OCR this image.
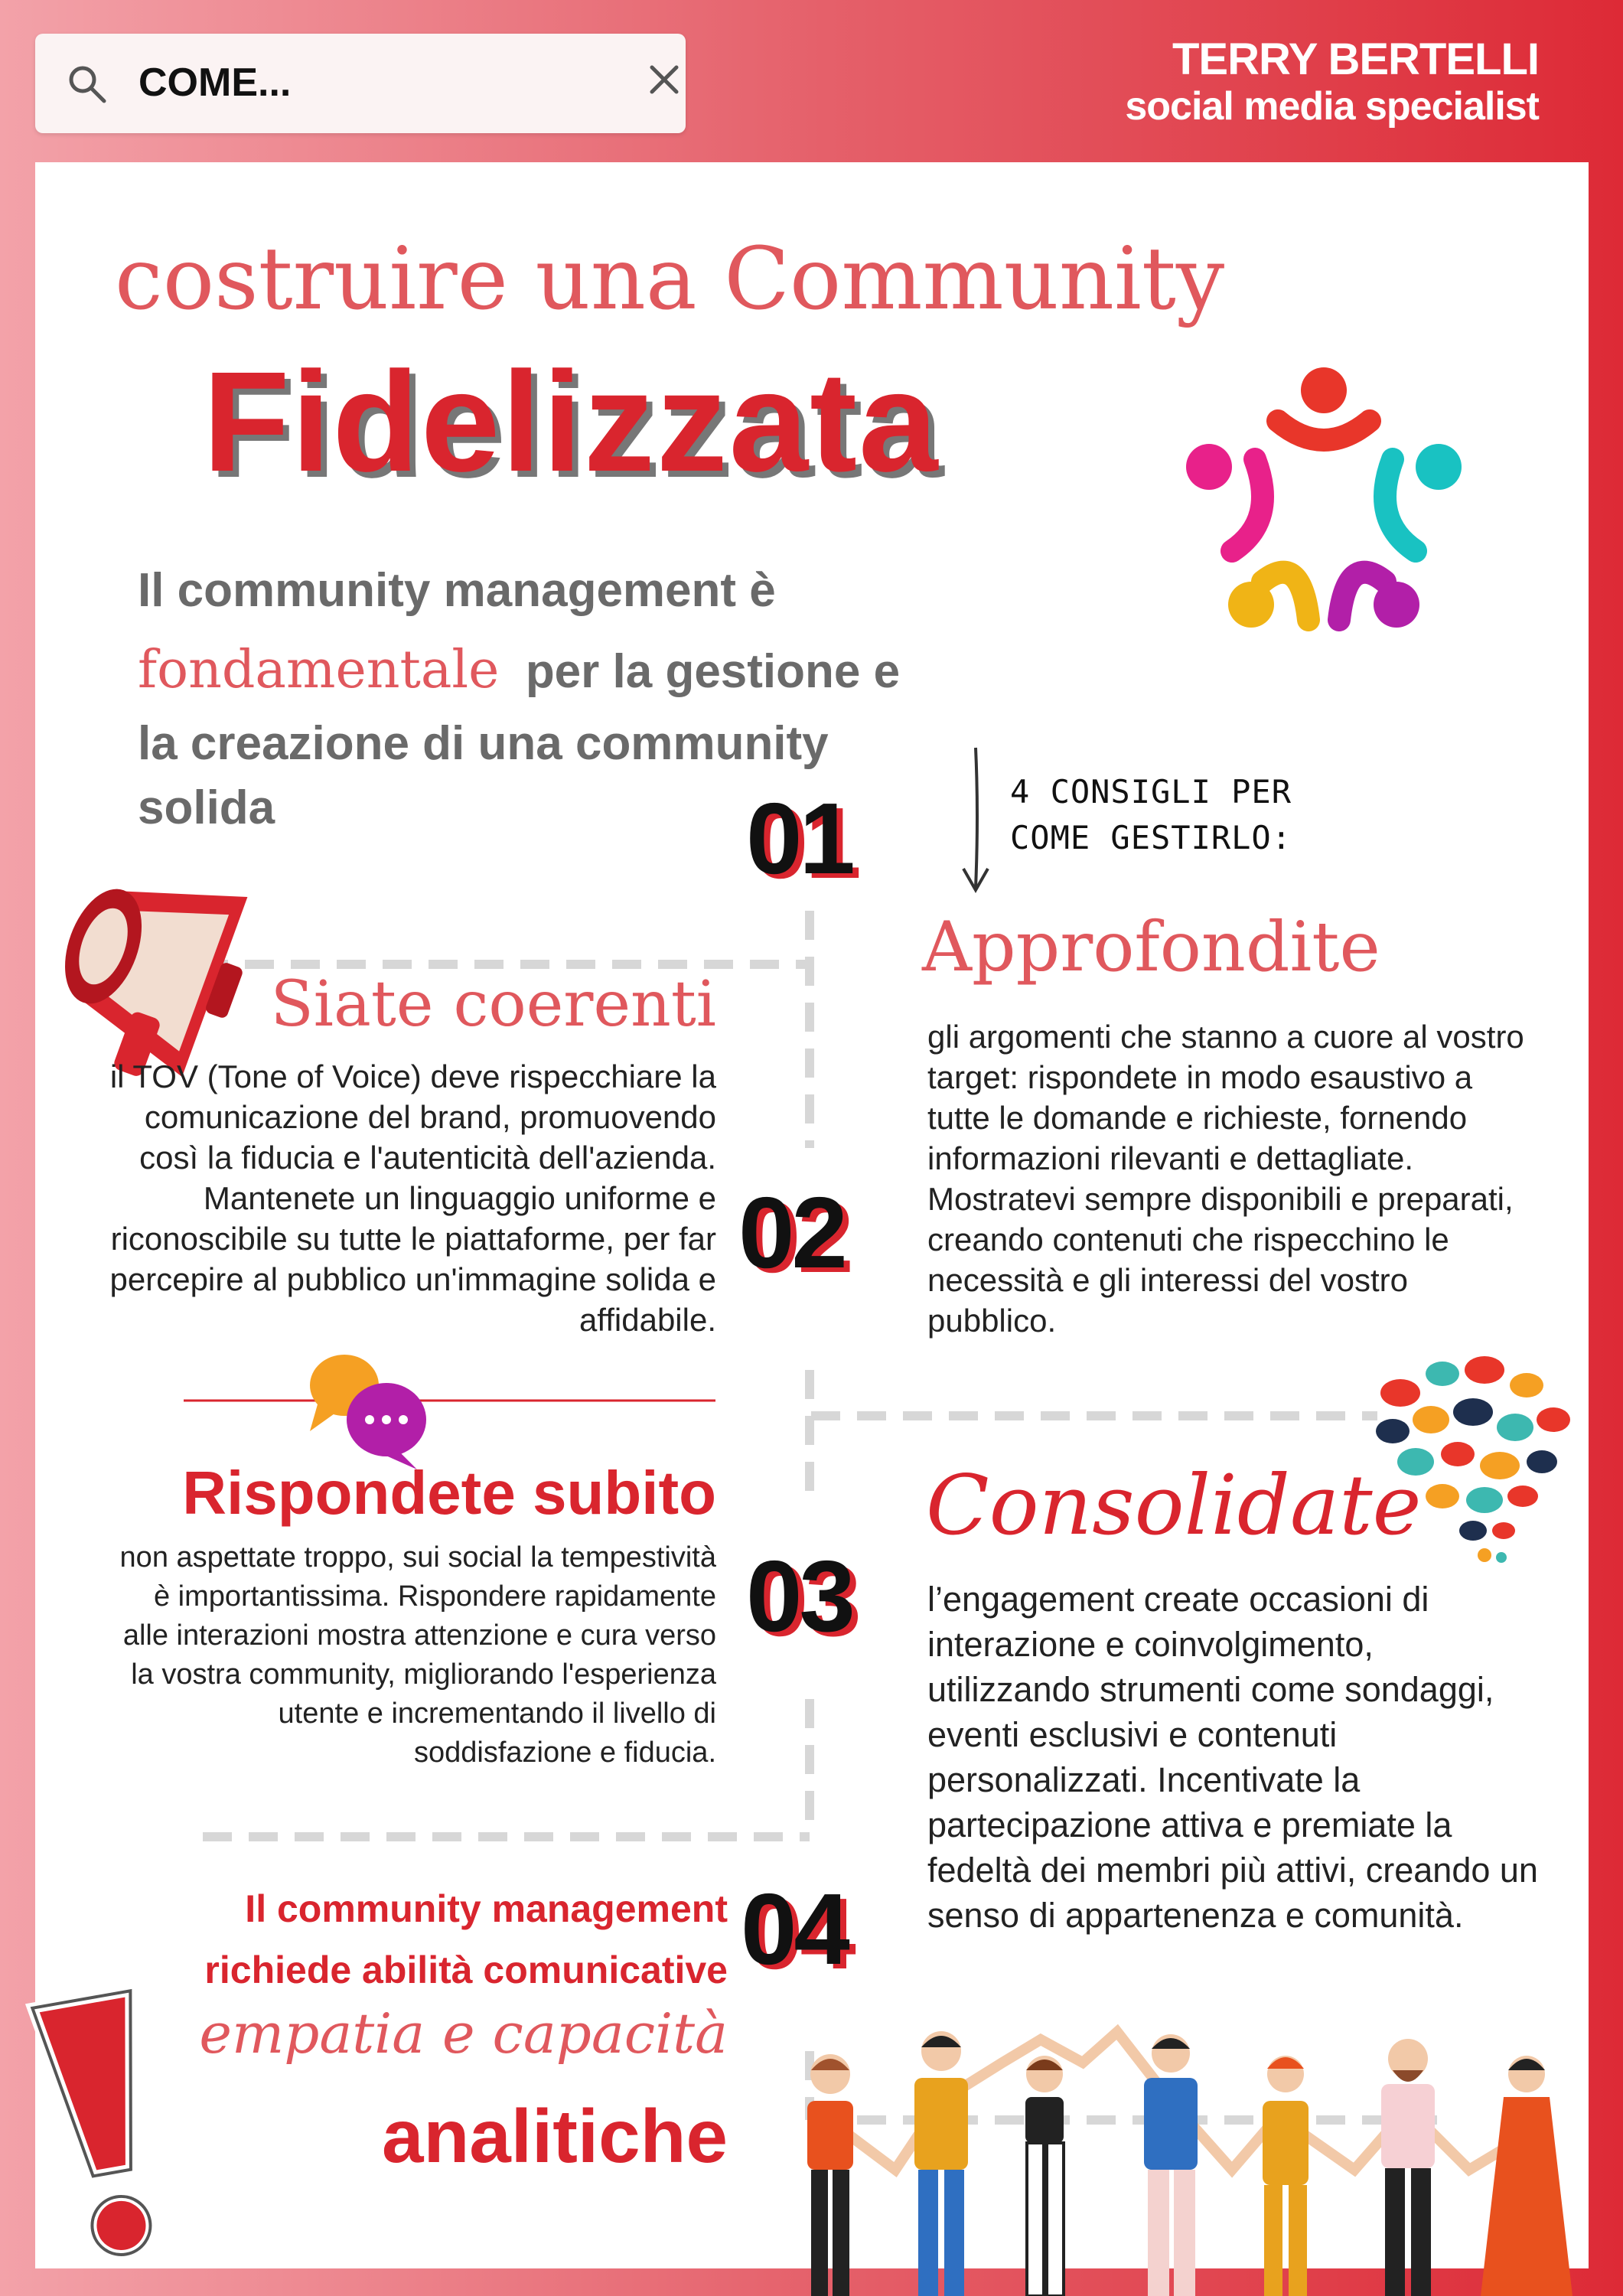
COME...	TERRY BERTELLI
social media specialist
costruire una Community
Fidelizzata
Il community management è
fondamentale per la gestione e
la creazione di una community
solida	4 CONSIGLI PER
COME GESTIRLO:
01
02
03
04
Siate coerenti
il TOV (Tone of Voice) deve rispecchiare la comunicazione del brand, promuovendo così la fiducia e l'autenticità dell'azienda. Mantenete un linguaggio uniforme e riconoscibile su tutte le piattaforme, per far percepire al pubblico un'immagine solida e affidabile.
Approfondite
gli argomenti che stanno a cuore al vostro target: rispondete in modo esaustivo a tutte le domande e richieste, fornendo informazioni rilevanti e dettagliate. Mostratevi sempre disponibili e preparati, creando contenuti che rispecchino le necessità e gli interessi del vostro pubblico.
Rispondete subito
non aspettate troppo, sui social la tempestività è importantissima. Rispondere rapidamente alle interazioni mostra attenzione e cura verso la vostra community, migliorando l'esperienza utente e incrementando il livello di soddisfazione e fiducia.
Consolidate
l’engagement create occasioni di interazione e coinvolgimento, utilizzando strumenti come sondaggi, eventi esclusivi e contenuti personalizzati. Incentivate la partecipazione attiva e premiate la fedeltà dei membri più attivi, creando un senso di appartenenza e comunità.
Il community management
richiede abilità comunicative
empatia e capacità
analitiche
